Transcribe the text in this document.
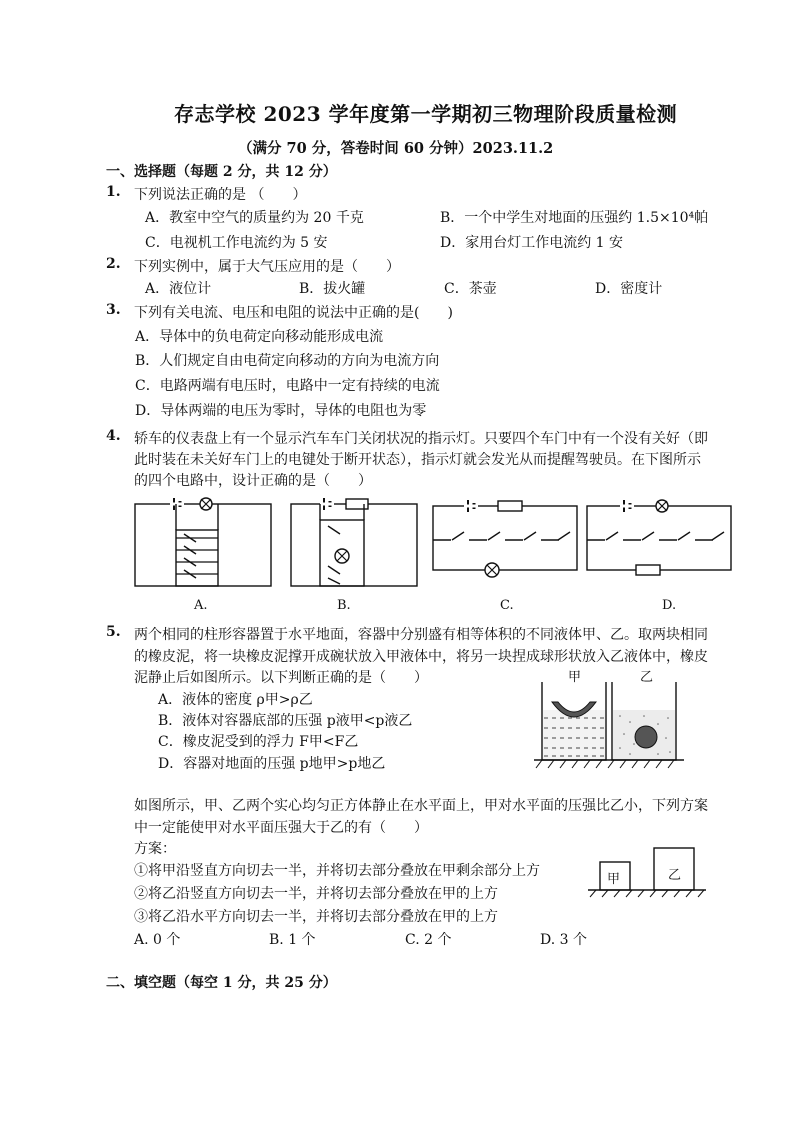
存志学校 2023 学年度第一学期初三物理阶段质量检测
（满分 70 分，答卷时间 60 分钟）2023.11.2
一、选择题（每题 2 分，共 12 分）
1. 下列说法正确的是 （　　）
A．教室中空气的质量约为 20 千克	B．一个中学生对地面的压强约 1.5×10⁴帕
C．电视机工作电流约为 5 安	D．家用台灯工作电流约 1 安
2. 下列实例中，属于大气压应用的是（　　）
A．液位计	B．拔火罐	C．茶壶	D．密度计
3. 下列有关电流、电压和电阻的说法中正确的是(　　)
A．导体中的负电荷定向移动能形成电流
B．人们规定自由电荷定向移动的方向为电流方向
C．电路两端有电压时，电路中一定有持续的电流
D．导体两端的电压为零时，导体的电阻也为零
4. 轿车的仪表盘上有一个显示汽车车门关闭状况的指示灯。只要四个车门中有一个没有关好（即
此时装在未关好车门上的电键处于断开状态），指示灯就会发光从而提醒驾驶员。在下图所示
的四个电路中，设计正确的是（　　）
A.	B.	C.	D.
5. 两个相同的柱形容器置于水平地面，容器中分别盛有相等体积的不同液体甲、乙。取两块相同
的橡皮泥，将一块橡皮泥撑开成碗状放入甲液体中，将另一块捏成球形状放入乙液体中，橡皮
泥静止后如图所示。以下判断正确的是（　　）
A．液体的密度 ρ甲>ρ乙
B．液体对容器底部的压强 p液甲<p液乙
C．橡皮泥受到的浮力 F甲<F乙
D．容器对地面的压强 p地甲>p地乙
甲	乙
如图所示，甲、乙两个实心均匀正方体静止在水平面上，甲对水平面的压强比乙小，下列方案
中一定能使甲对水平面压强大于乙的有（　　）
方案：
①将甲沿竖直方向切去一半，并将切去部分叠放在甲剩余部分上方
②将乙沿竖直方向切去一半，并将切去部分叠放在甲的上方
③将乙沿水平方向切去一半，并将切去部分叠放在甲的上方
A. 0 个	B. 1 个	C. 2 个	D. 3 个
甲	乙
二、填空题（每空 1 分，共 25 分）
